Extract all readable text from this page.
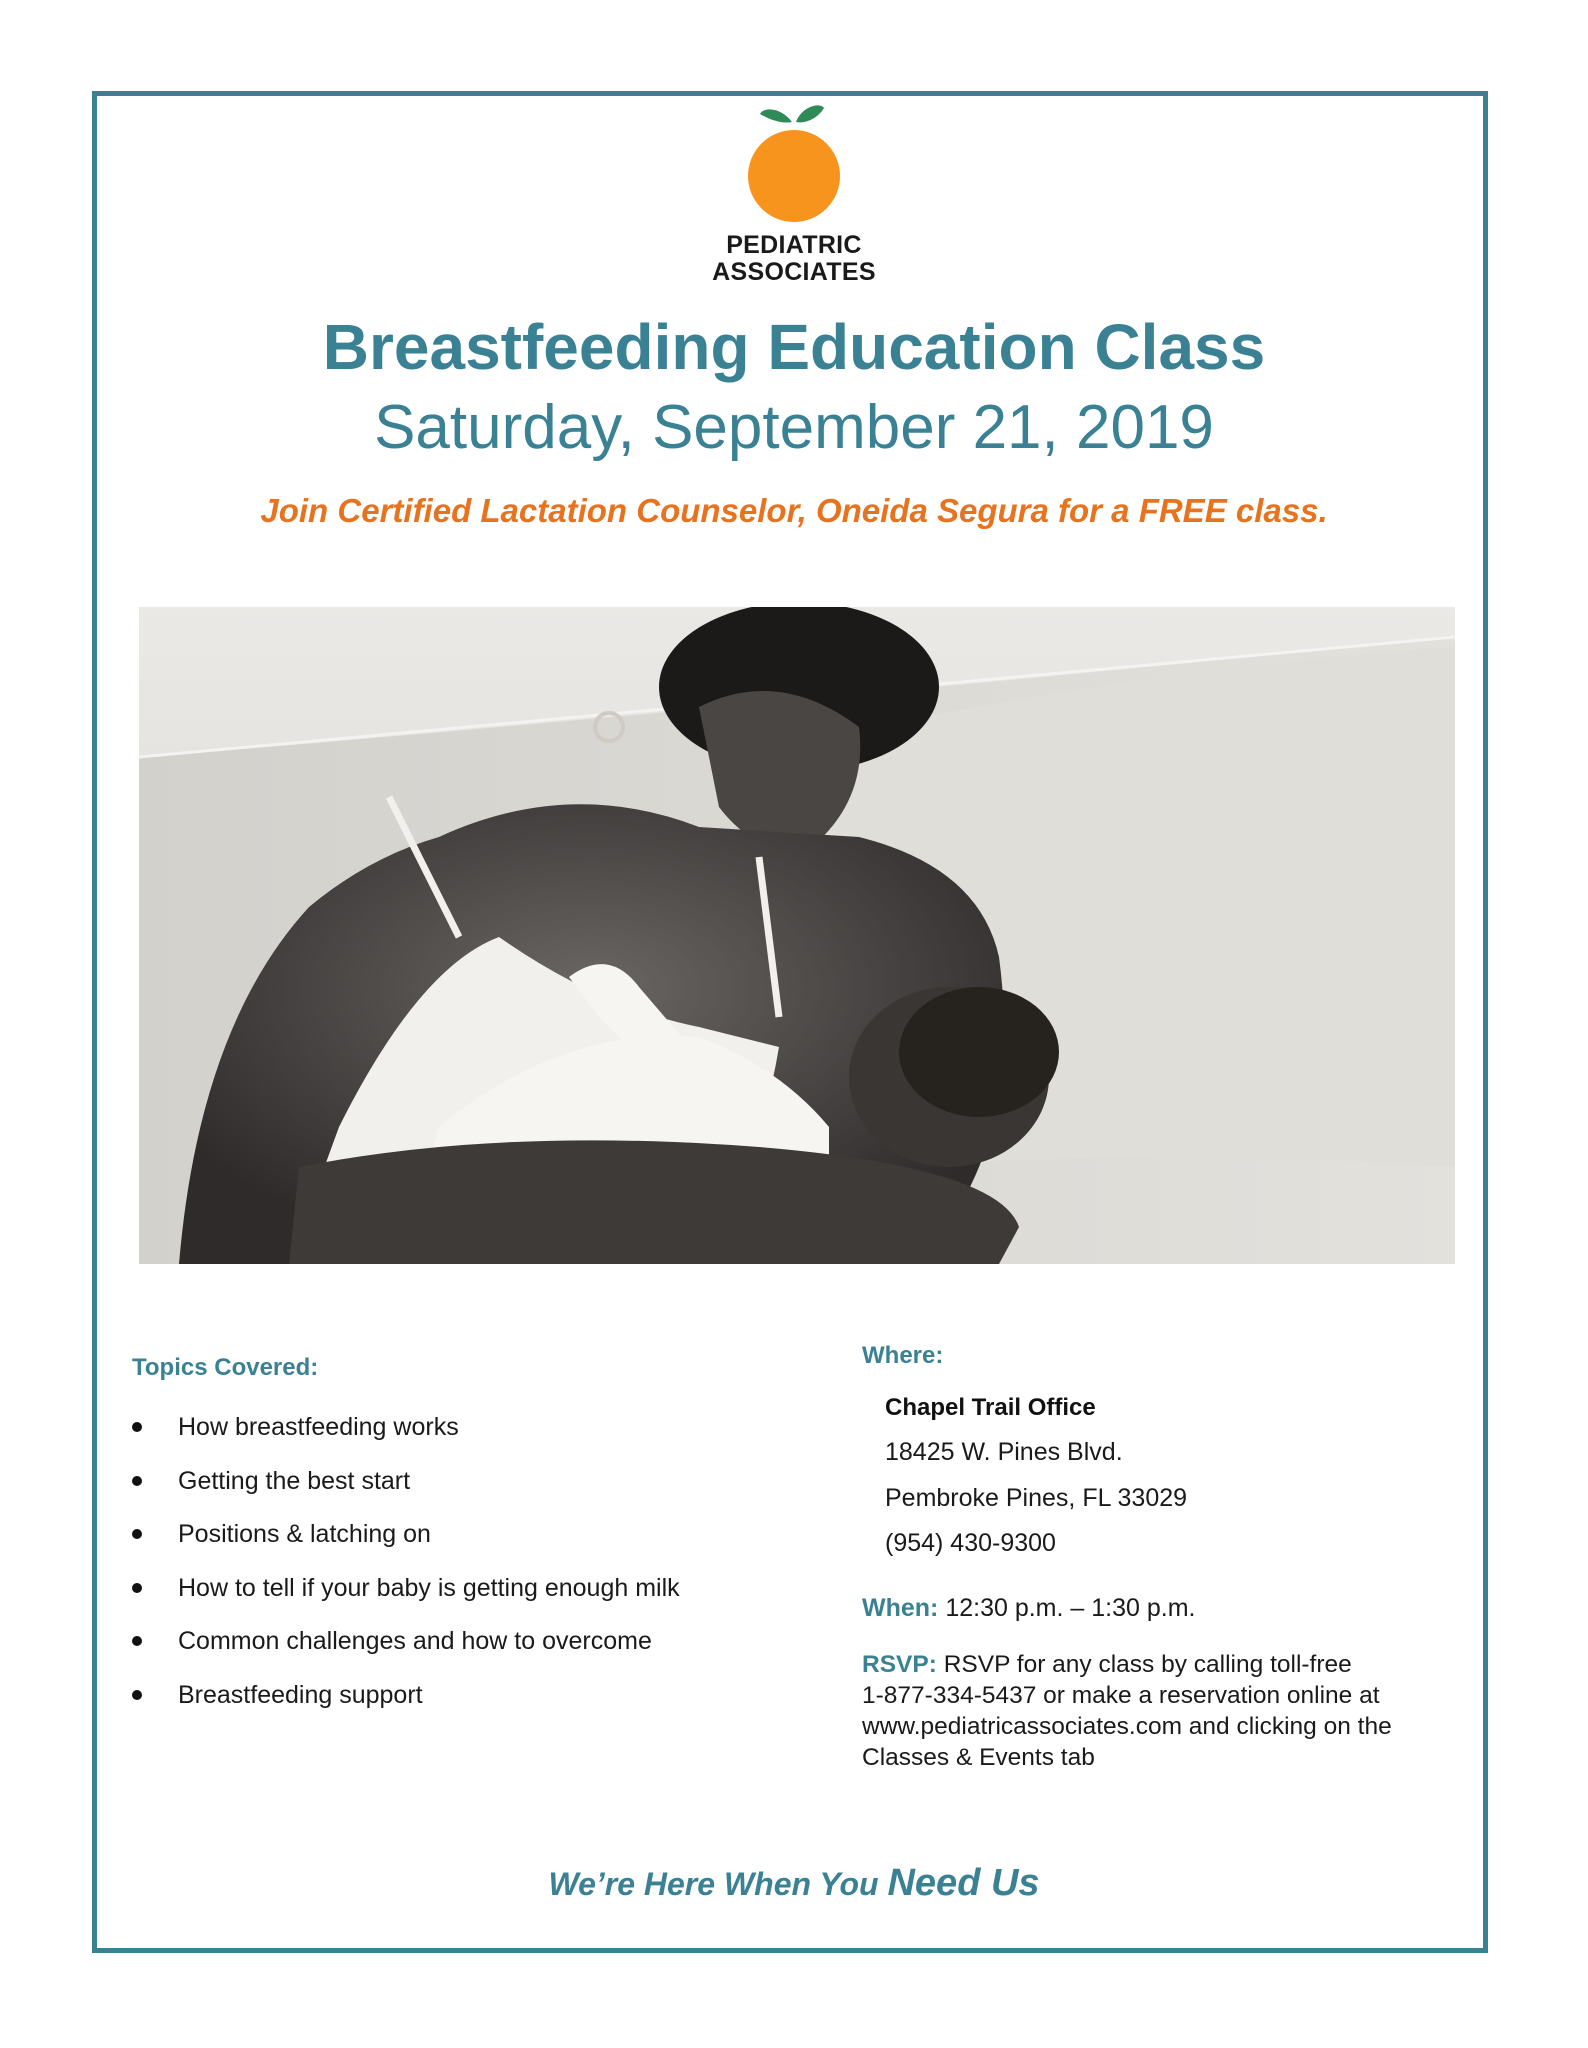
PEDIATRIC
ASSOCIATES
Breastfeeding Education Class
Saturday, September 21, 2019
Join Certified Lactation Counselor, Oneida Segura for a FREE class.
Topics Covered:
How breastfeeding works
Getting the best start
Positions & latching on
How to tell if your baby is getting enough milk
Common challenges and how to overcome
Breastfeeding support
Where:
Chapel Trail Office
18425 W. Pines Blvd.
Pembroke Pines, FL 33029
(954) 430-9300
When: 12:30 p.m. – 1:30 p.m.
RSVP: RSVP for any class by calling toll-free
1-877-334-5437 or make a reservation online at
www.pediatricassociates.com and clicking on the
Classes & Events tab
We’re Here When You Need Us
